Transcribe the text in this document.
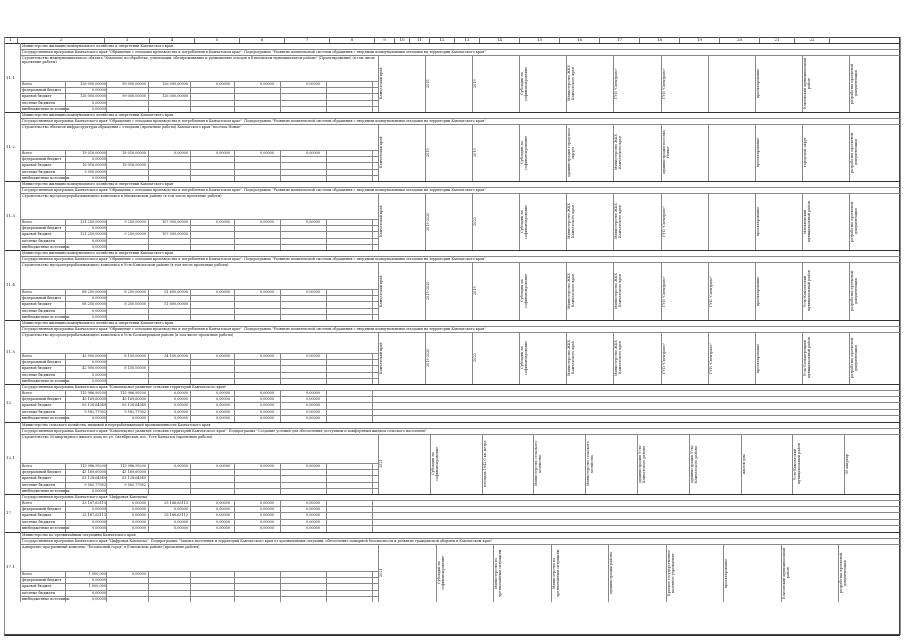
1	2	3	4	5	6	7	8	9	10	11	12	13	14	15	16	17	18	19	20	21	22
11.1
Министерство жилищно-коммунального хозяйства и энергетики Камчатского края
Государственная программа Камчатского края "Обращение с отходами производства и потребления в Камчатском крае". Подпрограмма "Развитие комплексной системы обращения с твердыми коммунальными отходами на территории Камчатского края"
Строительство межмуниципального объекта "Комплекс по обработке, утилизации, обезвреживанию и размещению отходов в Елизовском муниципальном районе" (Проектирование) (в том числе проектные работы)
Всего	126 000,00000	99 000,00000	126 000,00000	0,00000	0,00000	0,00000
федеральный бюджет	0,00000
краевой бюджет	126 000,00000	99 000,00000	126 000,00000
местные бюджеты	0,00000
внебюджетные источники	0,00000
Камчатский край	2015	2019	Субсидии на софинансирование	Министерство ЖКХ Камчатского края	ГУП "Спецтранс"	ГУП "Спецтранс"	проектирование	Елизовский муниципальный район	разработка проектной документации
11.2
Министерство жилищно-коммунального хозяйства и энергетики Камчатского края
Государственная программа Камчатского края "Обращение с отходами производства и потребления в Камчатском крае". Подпрограмма "Развитие комплексной системы обращения с твердыми коммунальными отходами на территории Камчатского края"
Строительство объектов инфраструктуры обращения с отходами (проектные работы) Камчатского края "поселок Новые"
Всего	19 016,00000	18 016,00000	0,00000	0,00000	0,00000	0,00000
федеральный бюджет	0,00000
краевой бюджет	16 016,00000	18 016,00000
местные бюджеты	3 000,00000
внебюджетные источники	0,00000
Камчатский край	2015	2019	Субсидии на софинансирование	администрация городского округа	Министерство ЖКХ Камчатского края	администрация поселка Новые	проектирование	городской округ	разработка проектной документации
11.3
Министерство жилищно-коммунального хозяйства и энергетики Камчатского края
Государственная программа Камчатского края "Обращение с отходами производства и потребления в Камчатском крае". Подпрограмма "Развитие комплексной системы обращения с твердыми коммунальными отходами на территории Камчатского края"
Строительство мусороперерабатывающего комплекса в Мильковском районе (в том числе проектные работы)
Всего	121 250,00000	9 250,00000	107 000,00000	0,00000	0,00000	0,00000
федеральный бюджет	0,00000
краевой бюджет	121 250,00000	9 250,00000	107 000,00000
местные бюджеты	0,00000
внебюджетные источники	0,00000
Камчатский край	2015-2020	2020	Субсидии на софинансирование	Министерство ЖКХ Камчатского края	Министерство ЖКХ Камчатского края	ГУП "Спецтранс"	проектирование	Мильковский муниципальный район	разработка проектной документации
11.4
Министерство жилищно-коммунального хозяйства и энергетики Камчатского края
Государственная программа Камчатского края "Обращение с отходами производства и потребления в Камчатском крае". Подпрограмма "Развитие комплексной системы обращения с твердыми коммунальными отходами на территории Камчатского края"
Строительство мусороперерабатывающего комплекса в Усть-Камчатском районе (в том числе проектные работы)
Всего	68 250,00000	8 250,00000	51 600,00000	0,00000	0,00000	0,00000
федеральный бюджет	0,00000
краевой бюджет	68 250,00000	8 250,00000	51 600,00000
местные бюджеты	0,00000
внебюджетные источники	0,00000
Камчатский край	2015-2020	2019	Субсидии на софинансирование	Министерство ЖКХ Камчатского края	Министерство ЖКХ Камчатского края	ГУП "Спецтранс"	ГУП "Спецтранс"	проектирование	Усть-Камчатский муниципальный район	разработка проектной документации
11.5
Министерство жилищно-коммунального хозяйства и энергетики Камчатского края
Государственная программа Камчатского края "Обращение с отходами производства и потребления в Камчатском крае". Подпрограмма "Развитие комплексной системы обращения с твердыми коммунальными отходами на территории Камчатского края"
Строительство мусороперерабатывающего комплекса в Усть-Большерецком районе (в том числе проектные работы)
Всего	42 900,00000	8 150,00000	34 100,00000	0,00000	0,00000	0,00000
федеральный бюджет	0,00000
краевой бюджет	42 900,00000	8 150,00000
местные бюджеты	0,00000
внебюджетные источники	0,00000
Камчатский край	2015-2020	2020	Субсидии на софинансирование	Министерство ЖКХ Камчатского края	Министерство ЖКХ Камчатского края	ГУП "Спецтранс"	ГУП "Спецтранс"	проектирование	Усть-Большерецкий муниципальный район	разработка проектной документации
12
Государственная программа Камчатского края "Комплексное развитие сельских территорий Камчатского края"
Всего	115 986,99200	115 986,99200	0,00000	0,00000	0,00000	0,00000
федеральный бюджет	45 169,60000	45 169,60000	0,00000	0,00000	0,00000	0,00000
краевой бюджет	63 128,64549	63 128,64549	0,00000	0,00000	0,00000	0,00000
местные бюджеты	9 582,77952	9 582,77952	0,00000	0,00000	0,00000	0,00000
внебюджетные источники	0,00000	0,00000	0,00000	0,00000	0,00000	0,00000
12.1
Министерство сельского хозяйства, пищевой и перерабатывающей промышленности Камчатского края
Государственная программа Камчатского края "Комплексное развитие сельских территорий Камчатского края". Подпрограмма "Создание условий для обеспечения доступным и комфортным жильем сельского населения"
Строительство 50-квартирного жилого дома по ул. Октябрьская, пос. Усть-Камчатск (проектные работы)
Всего	115 986,99200	115 986,99200	0,00000	0,00000	0,00000	0,00000
федеральный бюджет	45 169,60000	45 169,60000
краевой бюджет	63 128,64549	63 128,64549
местные бюджеты	9 582,77952	9 582,77952
внебюджетные источники	0,00000
2021	Субсидии на софинансирование	площадь 1842,0 кв. метра	Министерство сельского хозяйства	Министерство сельского хозяйства	администрация Усть-Камчатского района	администрация Усть-Камчатского района	жилой дом	Усть-Камчатский муниципальный район	50 квартир
17
Государственная программа Камчатского края "Цифровая Камчатка"
Всего	25 187,63113	0,00000	25 186,63113	0,00000	0,00000	0,00000
федеральный бюджет	0,00000	0,00000	0,00000	0,00000	0,00000	0,00000
краевой бюджет	25 187,63113	0,00000	25 186,63113	0,00000	0,00000	0,00000
местные бюджеты	0,00000	0,00000	0,00000	0,00000	0,00000	0,00000
внебюджетные источники	0,00000	0,00000	0,00000	0,00000	0,00000	0,00000
17.1
Министерство по чрезвычайным ситуациям Камчатского края
Государственная программа Камчатского края "Цифровая Камчатка". Подпрограмма "Защита населения и территорий Камчатского края от чрезвычайных ситуаций, обеспечение пожарной безопасности и развитие гражданской обороны в Камчатском крае"
Аппаратно-программный комплекс "Безопасный город" в Елизовском районе (проектные работы)
Всего	1 000,000	0,00000
федеральный бюджет	0,00000
краевой бюджет	1 000,000
местные бюджеты	0,00000
внебюджетные источники	0,00000
2021	Субсидии на софинансирование	Министерство по чрезвычайным ситуациям	Министерство по чрезвычайным ситуациям	администрация района	Краевое государственное казенное учреждение	проектирование	Елизовский муниципальный район	разработка проектной документации
